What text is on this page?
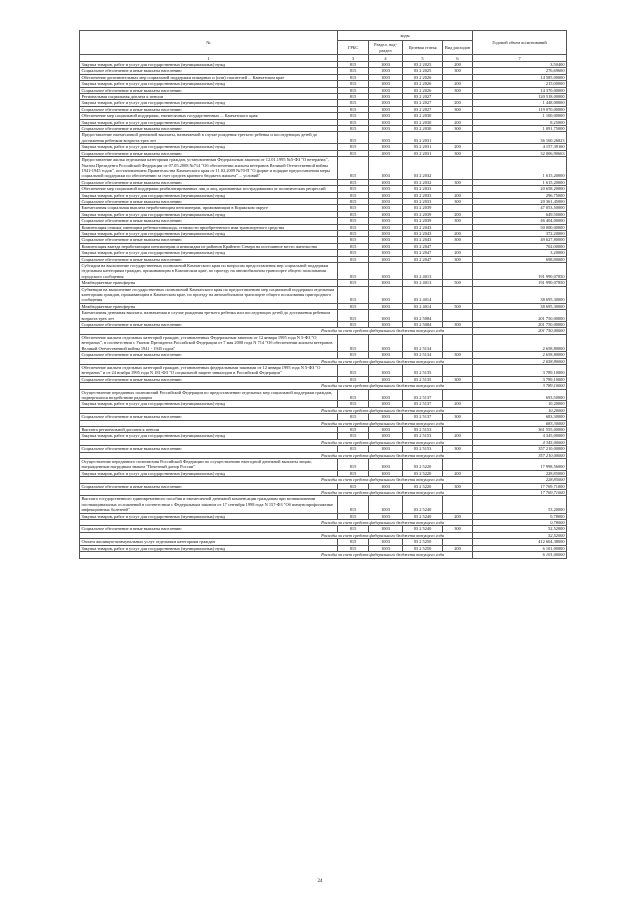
№	коды				Годовой объем ассигнований
	ГРБС	Раздел, под-раздел	Целевая статья	Вид расходов	
1	3	4	5	6	7
Закупка товаров, работ и услуг для государственных (муниципальных) нужд	815	1003	03 2 2025	200	3,50400
Социальное обеспечение и иные выплаты населению	815	1003	03 2 2025	300	276,69600
Обеспечение дополнительных мер социальной поддержки пожарных и (или) спасателей ... Камчатском крае	815	1003	03 2 2026		14 585,00000
Закупка товаров, работ и услуг для государственных (муниципальных) нужд	815	1003	03 2 2026	200	215,00000
Социальное обеспечение и иные выплаты населению	815	1003	03 2 2026	300	14 370,00000
Региональная социальная доплата к пенсии	815	1003	03 2 2027		120 518,00000
Закупка товаров, работ и услуг для государственных (муниципальных) нужд	815	1003	03 2 2027	200	1 448,00000
Социальное обеспечение и иные выплаты населению	815	1003	03 2 2027	300	119 070,00000
Обеспечение мер социальной поддержки, ежемесячных государственных ... Камчатского края	815	1003	03 2 2030		1 100,00000
Закупка товаров, работ и услуг для государственных (муниципальных) нужд	815	1003	03 2 2030	200	8,25000
Социальное обеспечение и иные выплаты населению	815	1003	03 2 2030	300	1 091,75000
Предоставление ежемесячной денежной выплаты, назначаемой в случае рождения третьего ребенка и последующих детей до достижения ребенком возраста трех лет	815	1003	03 2 2031		36 160,26823
Закупка товаров, работ и услуг для государственных (муниципальных) нужд	815	1003	03 2 2031	200	4 157,39160
Социальное обеспечение и иные выплаты населению	815	1003	03 2 2031	300	32 006,90663
Предоставление жилья отдельным категориям граждан, установленным Федеральным законом от 12.01.1995 №5-ФЗ "О ветеранах", Указом Президента Российской Федерации от 07.05.2008 №714 "Об обеспечении жильем ветеранов Великой Отечественной войны 1941-1945 годов", постановлением Правительства Камчатского края от 11.02.2009 №70-П "О форме и порядке предоставления меры социальной поддержки по обеспечению за счет средств краевого бюджета жильем" ... условий"	815	1003	03 2 2032		1 615,20000
Социальное обеспечение и иные выплаты населению	815	1003	03 2 2032	300	1 615,20000
Обеспечение мер социальной поддержки реабилитированных лиц и лиц, признанных пострадавшими от политических репрессий	815	1003	03 2 2033		20 658,20000
Закупка товаров, работ и услуг для государственных (муниципальных) нужд	815	1003	03 2 2033	200	296,75000
Социальное обеспечение и иные выплаты населению	815	1003	03 2 2033	300	20 361,45000
Ежемесячная социальная выплата неработающим пенсионерам, проживающим в Корякском округе	815	1003	03 2 2039		47 053,50000
Закупка товаров, работ и услуг для государственных (муниципальных) нужд	815	1003	03 2 2039	200	649,50000
Социальное обеспечение и иные выплаты населению	815	1003	03 2 2039	300	46 404,00000
Компенсация семьям, имеющим ребенка-инвалида, стоимости приобретенного ими транспортного средства	815	1003	03 2 2043		50 000,00000
Закупка товаров, работ и услуг для государственных (муниципальных) нужд	815	1003	03 2 2043	200	372,20000
Социальное обеспечение и иные выплаты населению	815	1003	03 2 2043	300	49 627,80000
Компенсация выезда неработающим пенсионерам и инвалидам из районов Крайнего Севера на постоянное место жительства	815	1003	03 2 2047		702,00000
Закупка товаров, работ и услуг для государственных (муниципальных) нужд	815	1003	03 2 2047	200	3,20000
Социальное обеспечение и иные выплаты населению	815	1003	03 2 2047	300	698,80000
Субсидии на выполнение государственных полномочий Камчатского края по вопросам предоставления мер социальной поддержки отдельным категориям граждан, проживающим в Камчатском крае, по проезду на автомобильном транспорте общего пользования городского сообщения	815	1003	03 2 4013		191 990,07850
Межбюджетные трансферты	815	1003	03 2 4013	500	191 990,07850
Субвенции на выполнение государственных полномочий Камчатского края по предоставлению мер социальной поддержки отдельным категориям граждан, проживающим в Камчатском крае, по проезду на автомобильном транспорте общего пользования пригородного сообщения	815	1003	03 2 4014		38 695,30000
Межбюджетные трансферты	815	1003	03 2 4014	500	38 695,30000
Ежемесячная денежная выплата, назначаемая в случае рождения третьего ребенка или последующих детей до достижения ребенком возраста трех лет	815	1003	03 2 5084		201 750,00000
Социальное обеспечение и иные выплаты населению	815	1003	03 2 5084	300	201 750,00000
Расходы за счет средств федерального бюджета текущего года					201 750,00000
Обеспечение жильем отдельных категорий граждан, установленных Федеральным законом от 12 января 1995 года N 5-ФЗ "О ветеранах", в соответствии с Указом Президента Российской Федерации от 7 мая 2008 года N 714 "Об обеспечении жильем ветеранов Великой Отечественной войны 1941 - 1945 годов"	815	1003	03 2 5134		2 658,80000
Социальное обеспечение и иные выплаты населению	815	1003	03 2 5134	300	2 658,80000
Расходы за счет средств федерального бюджета текущего года					2 658,80000
Обеспечение жильем отдельных категорий граждан, установленных федеральными законами от 12 января 1995 года N 5-ФЗ "О ветеранах" и от 24 ноября 1995 года N 181-ФЗ "О социальной защите инвалидов в Российской Федерации"	815	1003	03 2 5135		3 789,10000
Социальное обеспечение и иные выплаты населению	815	1003	03 2 5135	300	3 789,10000
Расходы за счет средств федерального бюджета текущего года					3 789,10000
Осуществление переданных полномочий Российской Федерации по предоставлению отдельных мер социальной поддержки граждан, подвергшихся воздействию радиации	815	1003	03 2 5137		693,50000
Закупка товаров, работ и услуг для государственных (муниципальных) нужд	815	1003	03 2 5137	200	10,20000
Расходы за счет средств федерального бюджета текущего года					10,20000
Социальное обеспечение и иные выплаты населению	815	1003	03 2 5137	300	683,30000
Расходы за счет средств федерального бюджета текущего года					683,30000
Выплата региональной доплаты к пенсии	815	1003	03 2 5153		361 555,00000
Закупка товаров, работ и услуг для государственных (муниципальных) нужд	815	1003	03 2 5153	200	4 345,00000
Расходы за счет средств федерального бюджета текущего года					4 345,00000
Социальное обеспечение и иные выплаты населению	815	1003	03 2 5153	300	357 210,00000
Расходы за счет средств федерального бюджета текущего года					357 210,00000
Осуществление переданного полномочия Российской Федерации по осуществлению ежегодной денежной выплаты лицам, награжденным нагрудным знаком "Почетный донор России"	815	1003	03 2 5220		17 998,56000
Закупка товаров, работ и услуг для государственных (муниципальных) нужд	815	1003	03 2 5220	200	228,85000
Расходы за счет средств федерального бюджета текущего года					228,85000
Социальное обеспечение и иные выплаты населению	815	1003	03 2 5220	300	17 769,71000
Расходы за счет средств федерального бюджета текущего года					17 769,71000
Выплата государственного единовременного пособия и ежемесячной денежной компенсации гражданам при возникновении поствакцинальных осложнений в соответствии с Федеральным законом от 17 сентября 1998 года N 157-ФЗ "Об иммунопрофилактике инфекционных болезней"	815	1003	03 2 5240		53,20000
Закупка товаров, работ и услуг для государственных (муниципальных) нужд	815	1003	03 2 5240	200	0,78000
Расходы за счет средств федерального бюджета текущего года					0,78000
Социальное обеспечение и иные выплаты населению	815	1003	03 2 5240	300	52,52000
Расходы за счет средств федерального бюджета текущего года					52,52000
Оплата жилищно-коммунальных услуг отдельным категориям граждан	815	1003	03 2 5250		412 604,38000
Закупка товаров, работ и услуг для государственных (муниципальных) нужд	815	1003	03 2 5250	200	6 101,00000
Расходы за счет средств федерального бюджета текущего года					6 101,00000
24
